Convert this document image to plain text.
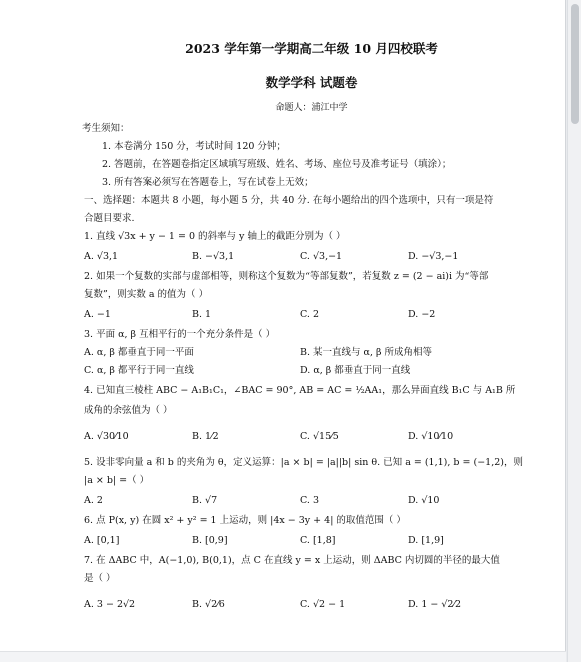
2023 学年第一学期高二年级 10 月四校联考
数学学科 试题卷
命题人：浦江中学
考生须知：
1. 本卷满分 150 分，考试时间 120 分钟；
2. 答题前，在答题卷指定区域填写班级、姓名、考场、座位号及准考证号（填涂）；
3. 所有答案必须写在答题卷上，写在试卷上无效；
一、选择题：本题共 8 小题，每小题 5 分，共 40 分. 在每小题给出的四个选项中，只有一项是符
合题目要求.
1. 直线 √3x + y − 1 = 0 的斜率与 y 轴上的截距分别为（ ）
A. √3,1	B. −√3,1	C. √3,−1	D. −√3,−1
2. 如果一个复数的实部与虚部相等，则称这个复数为“等部复数”，若复数 z = (2 − ai)i 为“等部
复数”，则实数 a 的值为（ ）
A. −1	B. 1	C. 2	D. −2
3. 平面 α, β 互相平行的一个充分条件是（ ）
A. α, β 都垂直于同一平面	B. 某一直线与 α, β 所成角相等
C. α, β 都平行于同一直线	D. α, β 都垂直于同一直线
4. 已知直三棱柱 ABC − A₁B₁C₁，∠BAC = 90°, AB = AC = ½AA₁，那么异面直线 B₁C 与 A₁B 所
成角的余弦值为（ ）
A. √30⁄10	B. 1⁄2	C. √15⁄5	D. √10⁄10
5. 设非零向量 a 和 b 的夹角为 θ，定义运算：|a × b| = |a||b| sin θ. 已知 a = (1,1), b = (−1,2)，则
|a × b| =（ ）
A. 2	B. √7	C. 3	D. √10
6. 点 P(x, y) 在圆 x² + y² = 1 上运动，则 |4x − 3y + 4| 的取值范围（ ）
A. [0,1]	B. [0,9]	C. [1,8]	D. [1,9]
7. 在 ΔABC 中，A(−1,0), B(0,1)，点 C 在直线 y = x 上运动，则 ΔABC 内切圆的半径的最大值
是（ ）
A. 3 − 2√2	B. √2⁄6	C. √2 − 1	D. 1 − √2⁄2
